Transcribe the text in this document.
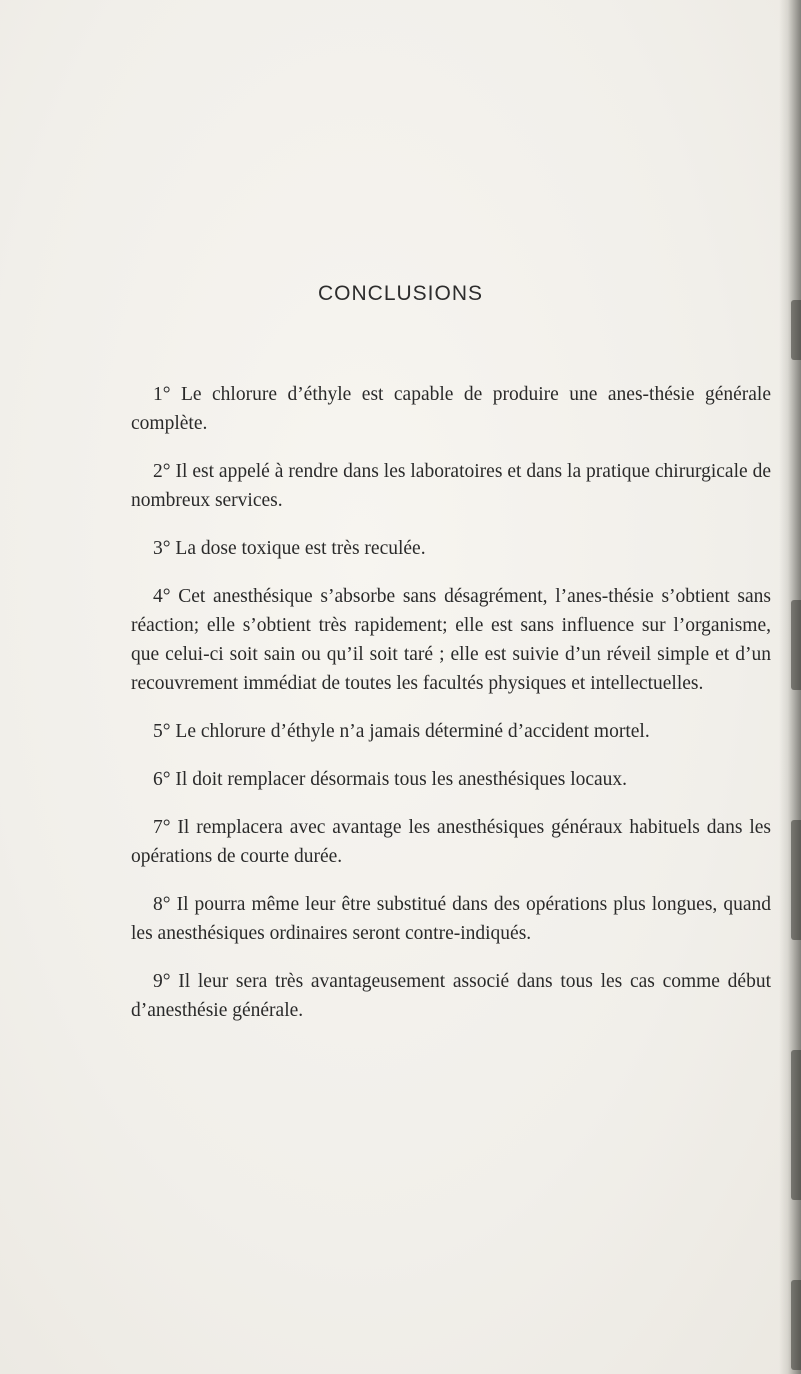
CONCLUSIONS

1° Le chlorure d’éthyle est capable de produire une anes-thésie générale complète.

2° Il est appelé à rendre dans les laboratoires et dans la pratique chirurgicale de nombreux services.

3° La dose toxique est très reculée.

4° Cet anesthésique s’absorbe sans désagrément, l’anes-thésie s’obtient sans réaction; elle s’obtient très rapidement; elle est sans influence sur l’organisme, que celui-ci soit sain ou qu’il soit taré ; elle est suivie d’un réveil simple et d’un recouvrement immédiat de toutes les facultés physiques et intellectuelles.

5° Le chlorure d’éthyle n’a jamais déterminé d’accident mortel.

6° Il doit remplacer désormais tous les anesthésiques locaux.

7° Il remplacera avec avantage les anesthésiques généraux habituels dans les opérations de courte durée.

8° Il pourra même leur être substitué dans des opérations plus longues, quand les anesthésiques ordinaires seront contre-indiqués.

9° Il leur sera très avantageusement associé dans tous les cas comme début d’anesthésie générale.
